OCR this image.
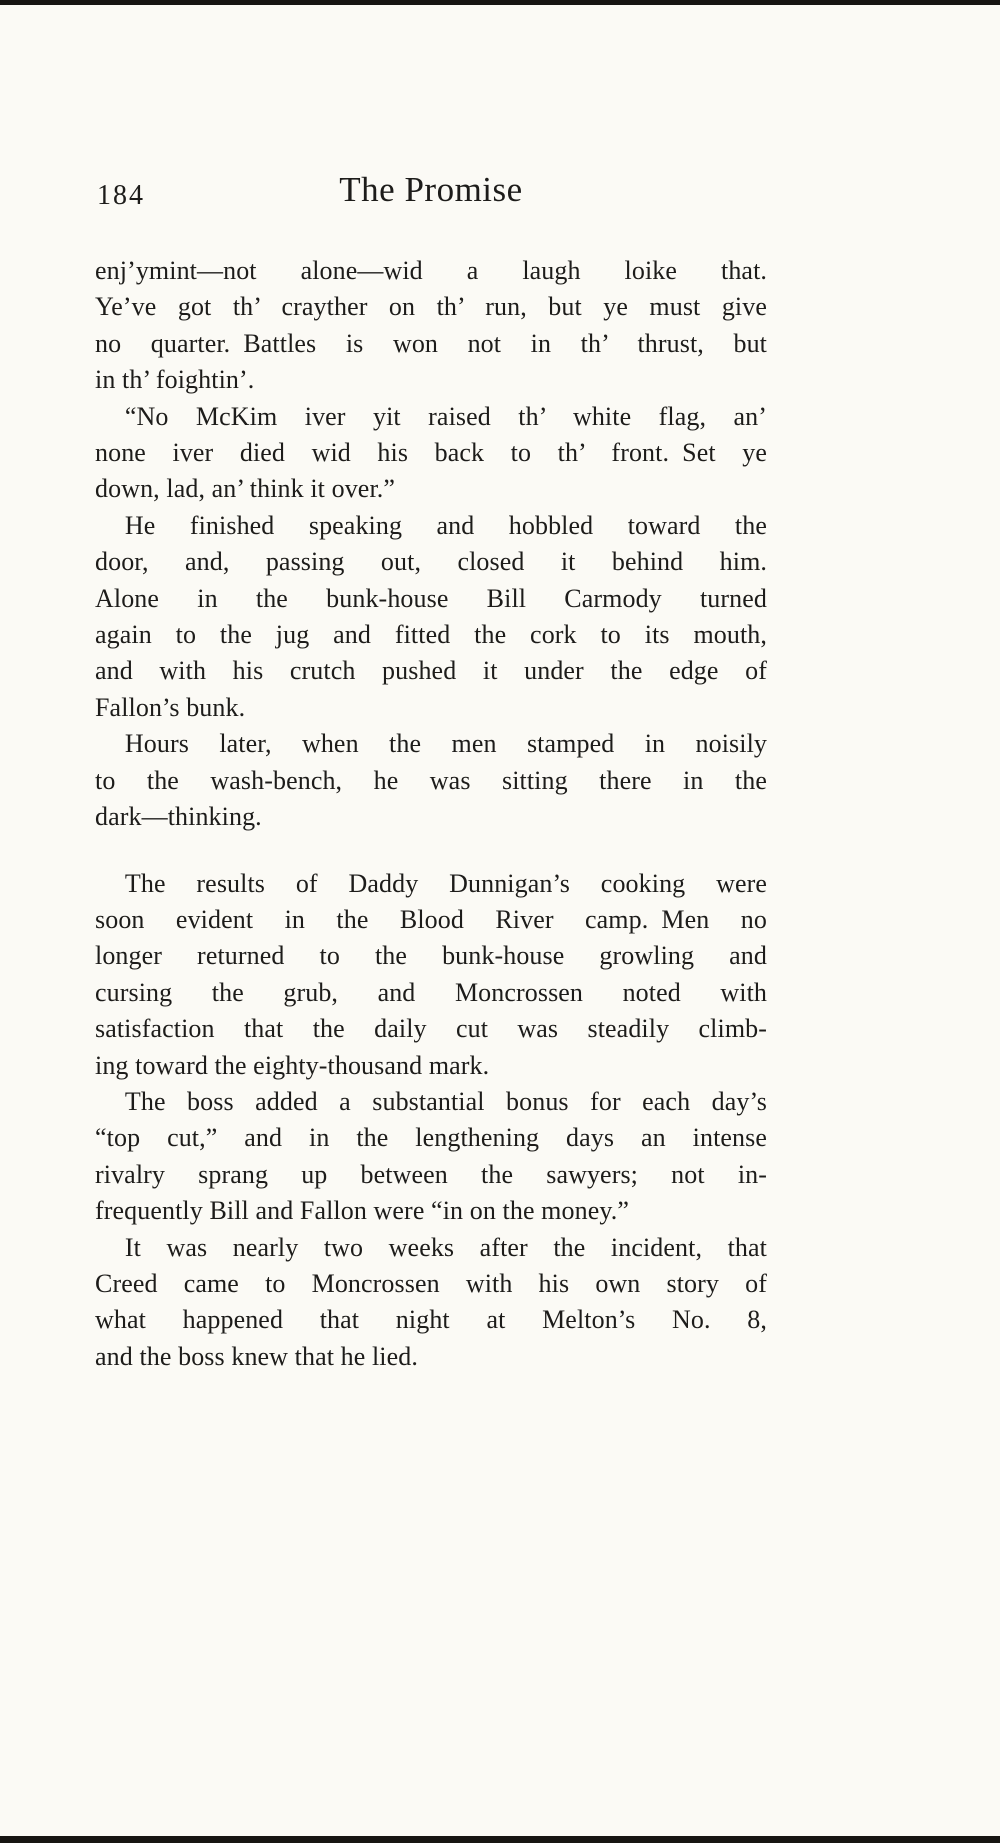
184	The Promise
enj’ymint—not alone—wid a laugh loike that.
Ye’ve got th’ crayther on th’ run, but ye must give
no quarter. Battles is won not in th’ thrust, but
in th’ foightin’.
“No McKim iver yit raised th’ white flag, an’
none iver died wid his back to th’ front. Set ye
down, lad, an’ think it over.”
He finished speaking and hobbled toward the
door, and, passing out, closed it behind him.
Alone in the bunk-house Bill Carmody turned
again to the jug and fitted the cork to its mouth,
and with his crutch pushed it under the edge of
Fallon’s bunk.
Hours later, when the men stamped in noisily
to the wash-bench, he was sitting there in the
dark—thinking.
The results of Daddy Dunnigan’s cooking were
soon evident in the Blood River camp. Men no
longer returned to the bunk-house growling and
cursing the grub, and Moncrossen noted with
satisfaction that the daily cut was steadily climb-
ing toward the eighty-thousand mark.
The boss added a substantial bonus for each day’s
“top cut,” and in the lengthening days an intense
rivalry sprang up between the sawyers; not in-
frequently Bill and Fallon were “in on the money.”
It was nearly two weeks after the incident, that
Creed came to Moncrossen with his own story of
what happened that night at Melton’s No. 8,
and the boss knew that he lied.
